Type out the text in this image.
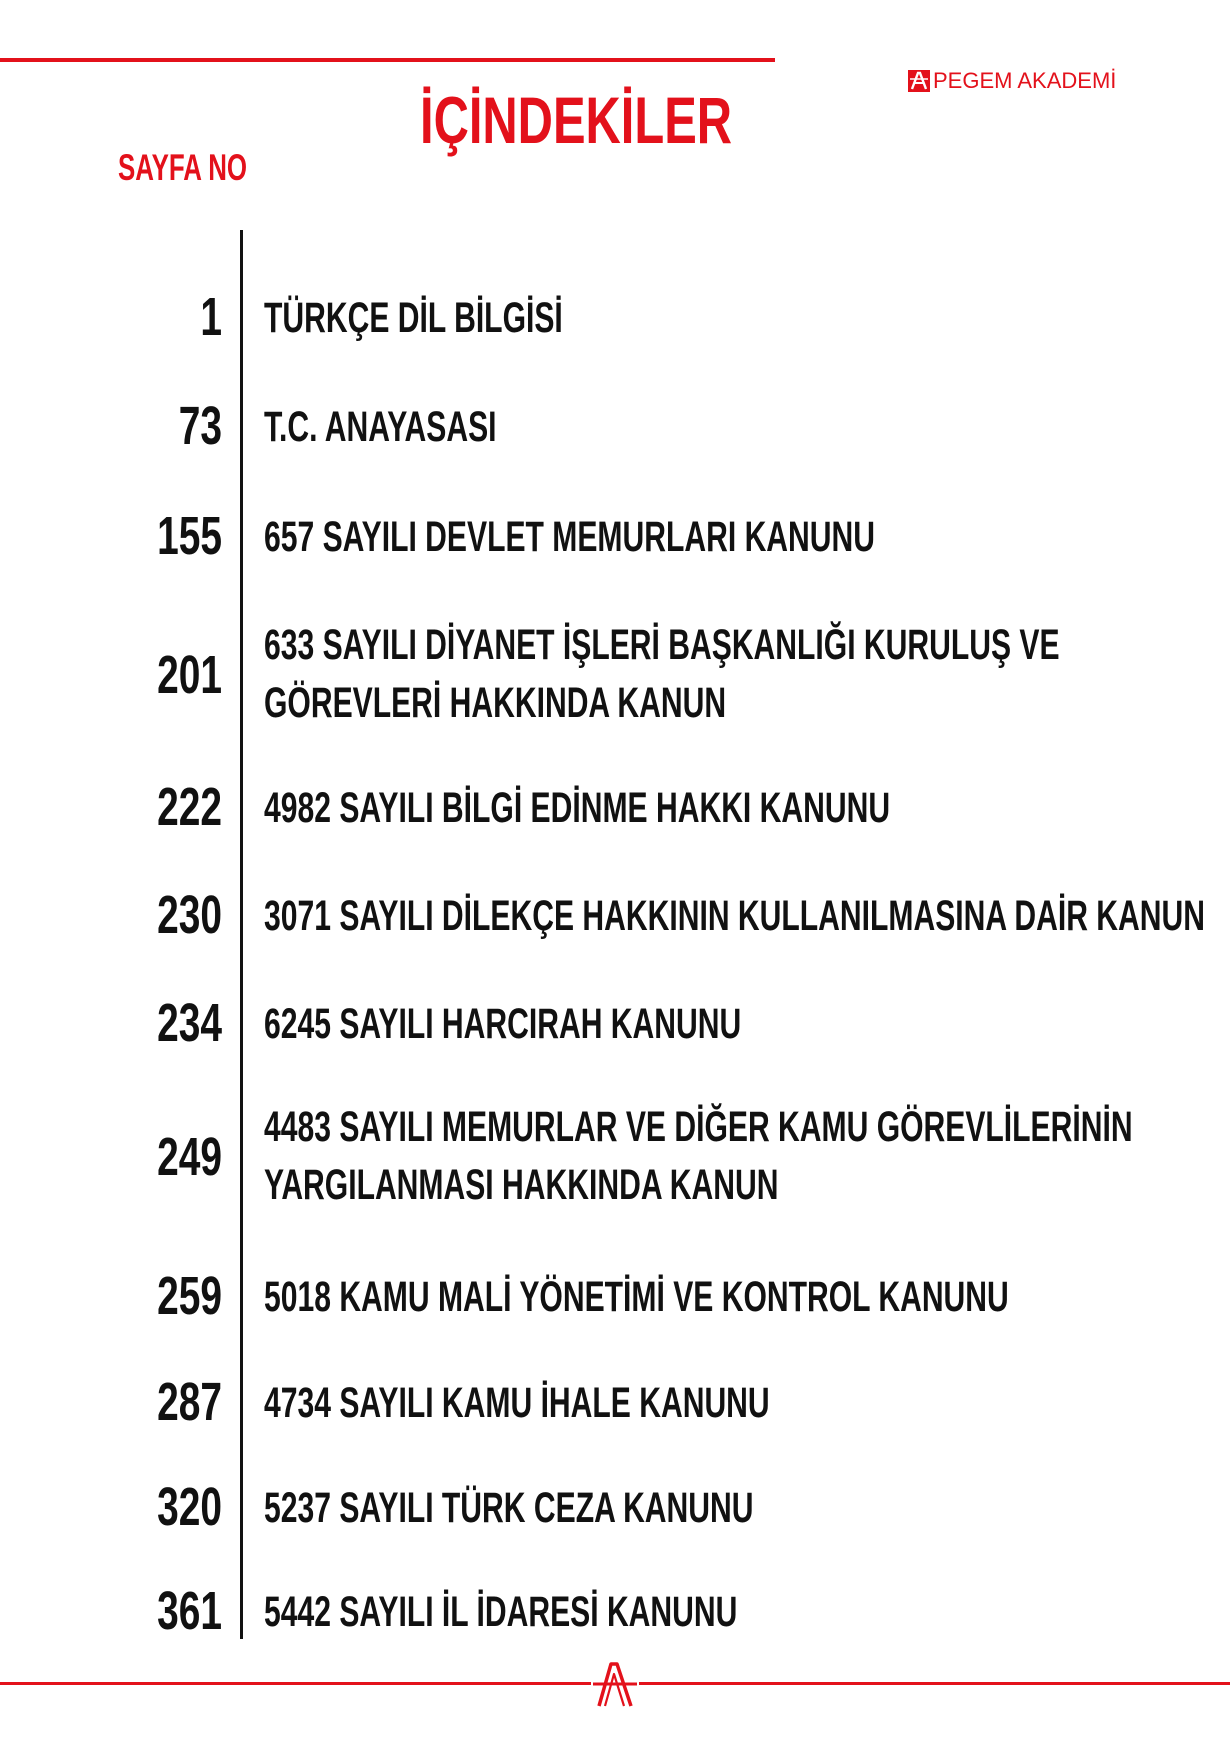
İÇİNDEKİLER
SAYFA NO
PEGEM AKADEMİ
1 TÜRKÇE DİL BİLGİSİ
73 T.C. ANAYASASI
155 657 SAYILI DEVLET MEMURLARI KANUNU
201 633 SAYILI DİYANET İŞLERİ BAŞKANLIĞI KURULUŞ VE
GÖREVLERİ HAKKINDA KANUN
222 4982 SAYILI BİLGİ EDİNME HAKKI KANUNU
230 3071 SAYILI DİLEKÇE HAKKININ KULLANILMASINA DAİR KANUN
234 6245 SAYILI HARCIRAH KANUNU
249 4483 SAYILI MEMURLAR VE DİĞER KAMU GÖREVLİLERİNİN
YARGILANMASI HAKKINDA KANUN
259 5018 KAMU MALİ YÖNETİMİ VE KONTROL KANUNU
287 4734 SAYILI KAMU İHALE KANUNU
320 5237 SAYILI TÜRK CEZA KANUNU
361 5442 SAYILI İL İDARESİ KANUNU
